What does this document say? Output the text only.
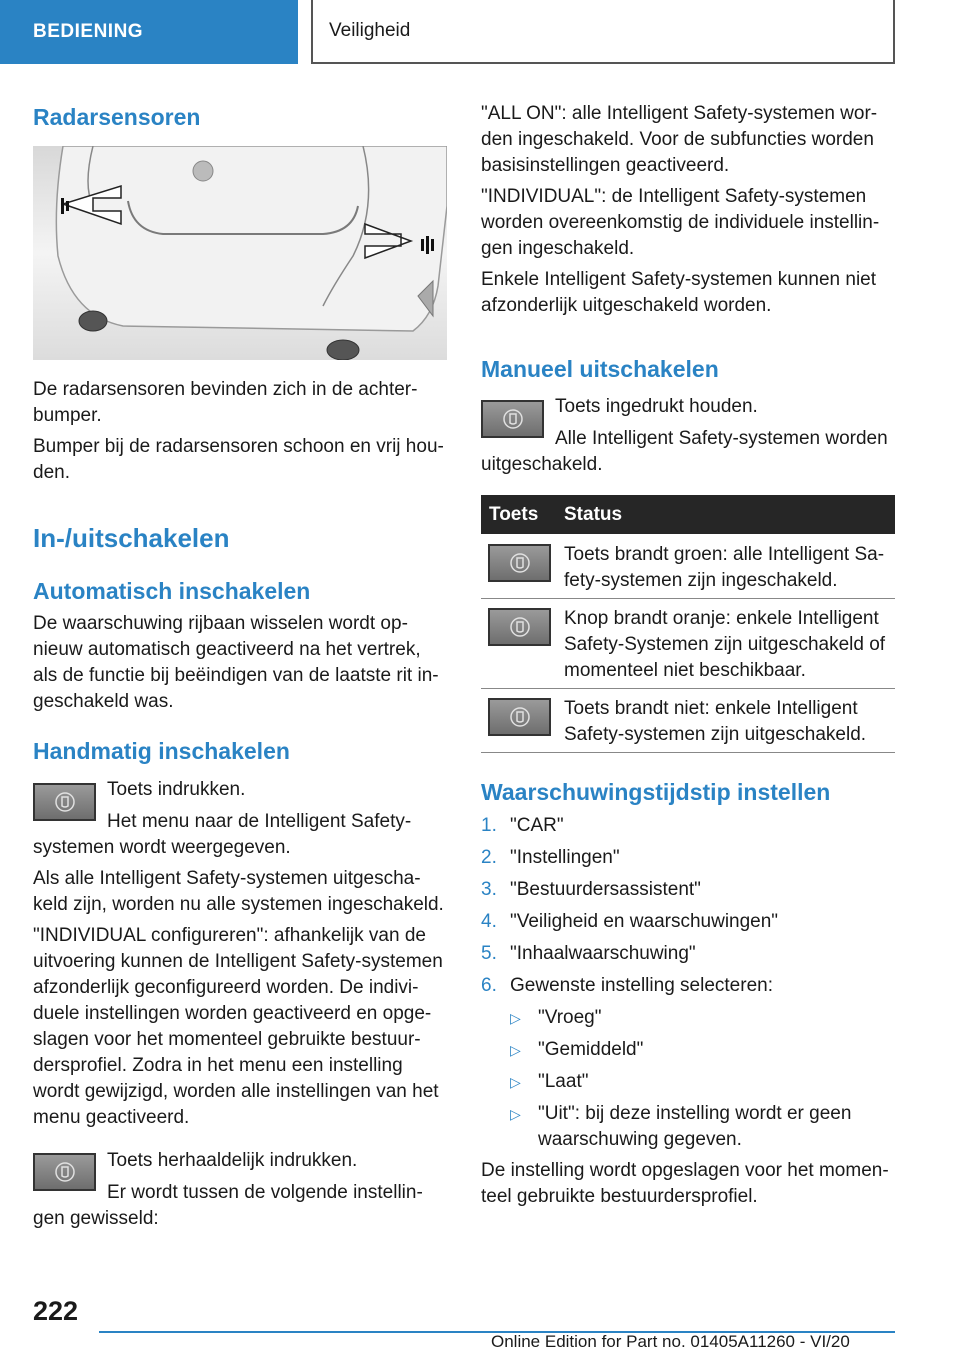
BEDIENING	Veiligheid
Radarsensoren

De radarsensoren bevinden zich in de achter-

bumper.

Bumper bij de radarsensoren schoon en vrij hou-

den.

In-/uitschakelen
Automatisch inschakelen

De waarschuwing rijbaan wisselen wordt op-

nieuw automatisch geactiveerd na het vertrek,

als de functie bij beëindigen van de laatste rit in-

geschakeld was.

Handmatig inschakelen

Toets indrukken.

Het menu naar de Intelligent Safety-

systemen wordt weergegeven.

Als alle Intelligent Safety-systemen uitgescha-

keld zijn, worden nu alle systemen ingeschakeld.

"INDIVIDUAL configureren": afhankelijk van de

uitvoering kunnen de Intelligent Safety-systemen

afzonderlijk geconfigureerd worden. De indivi-

duele instellingen worden geactiveerd en opge-

slagen voor het momenteel gebruikte bestuur-

dersprofiel. Zodra in het menu een instelling

wordt gewijzigd, worden alle instellingen van het

menu geactiveerd.

Toets herhaaldelijk indrukken.

Er wordt tussen de volgende instellin-

gen gewisseld:

"ALL ON": alle Intelligent Safety-systemen wor-

den ingeschakeld. Voor de subfuncties worden

basisinstellingen geactiveerd.

"INDIVIDUAL": de Intelligent Safety-systemen

worden overeenkomstig de individuele instellin-

gen ingeschakeld.

Enkele Intelligent Safety-systemen kunnen niet

afzonderlijk uitgeschakeld worden.

Manueel uitschakelen

Toets ingedrukt houden.

Alle Intelligent Safety-systemen worden

uitgeschakeld.

Toets Status

Toets brandt groen: alle Intelligent Sa-

fety-systemen zijn ingeschakeld.

Knop brandt oranje: enkele Intelligent

Safety-Systemen zijn uitgeschakeld of

momenteel niet beschikbaar.

Toets brandt niet: enkele Intelligent

Safety-systemen zijn uitgeschakeld.

Waarschuwingstijdstip instellen
1. "CAR"
2. "Instellingen"
3. "Bestuurdersassistent"
4. "Veiligheid en waarschuwingen"
5. "Inhaalwaarschuwing"
6. Gewenste instelling selecteren:
▷ "Vroeg"
▷ "Gemiddeld"
▷ "Laat"
▷ "Uit": bij deze instelling wordt er geen
waarschuwing gegeven.

De instelling wordt opgeslagen voor het momen-

teel gebruikte bestuurdersprofiel.

222
Online Edition for Part no. 01405A11260 - VI/20
